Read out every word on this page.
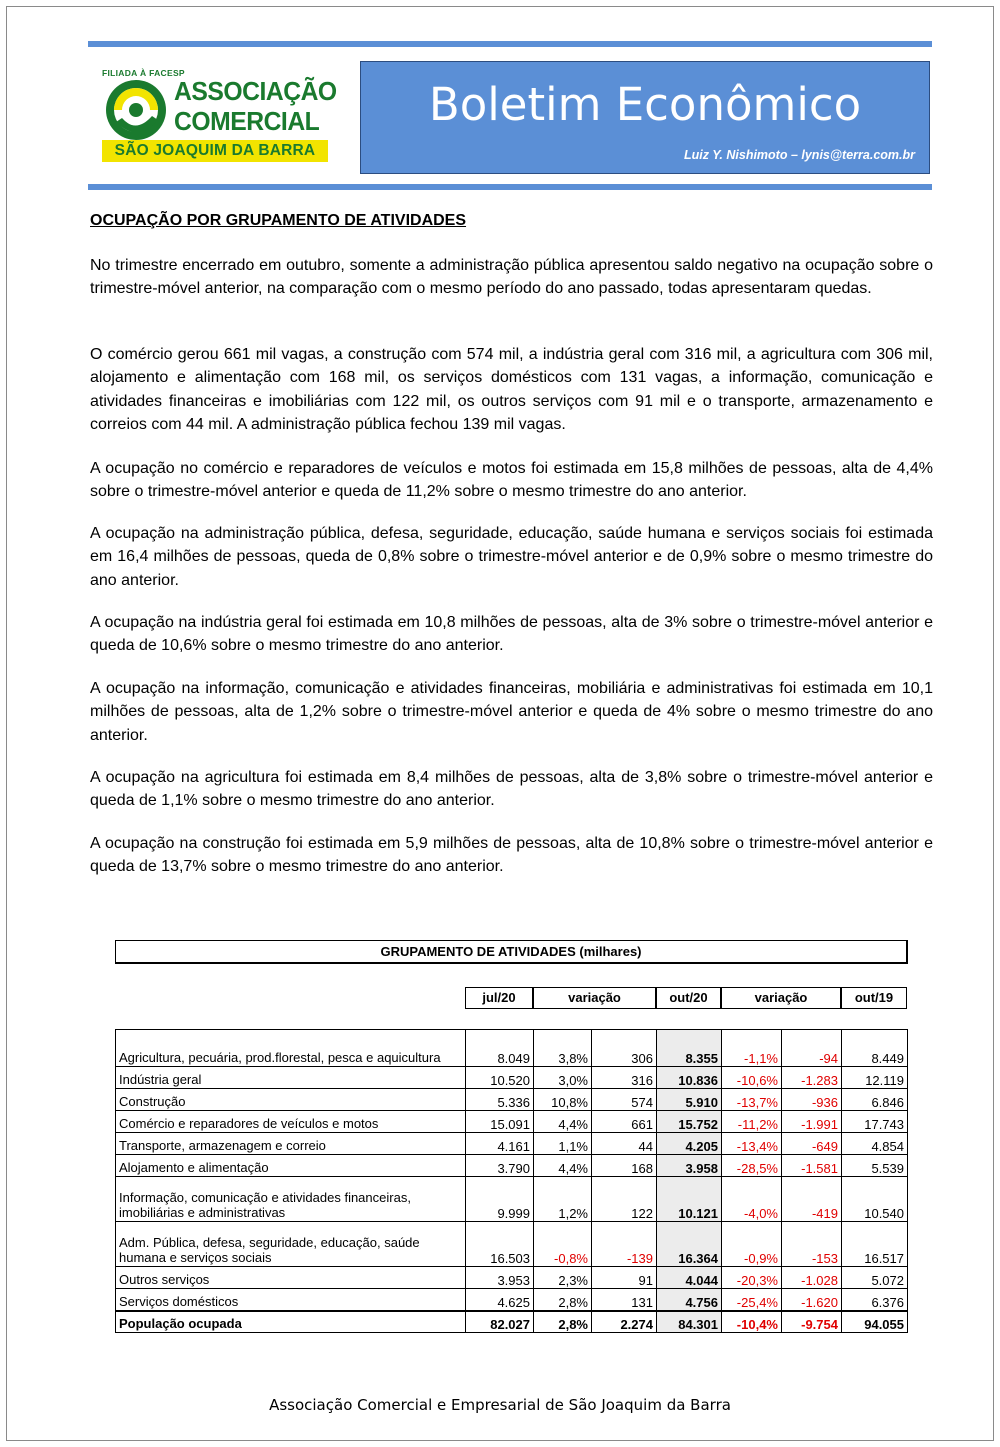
FILIADA À FACESP
ASSOCIAÇÃO
COMERCIAL
SÃO JOAQUIM DA BARRA
Boletim Econômico
Luiz Y. Nishimoto – lynis@terra.com.br
OCUPAÇÃO POR GRUPAMENTO DE ATIVIDADES

No trimestre encerrado em outubro, somente a administração pública apresentou saldo negativo na ocupação sobre o trimestre-móvel anterior, na comparação com o mesmo período do ano passado, todas apresentaram quedas.

O comércio gerou 661 mil vagas, a construção com 574 mil, a indústria geral com 316 mil, a agricultura com 306 mil, alojamento e alimentação com 168 mil, os serviços domésticos com 131 vagas, a informação, comunicação e atividades financeiras e imobiliárias com 122 mil, os outros serviços com 91 mil e o transporte, armazenamento e correios com 44 mil. A administração pública fechou 139 mil vagas.

A ocupação no comércio e reparadores de veículos e motos foi estimada em 15,8 milhões de pessoas, alta de 4,4% sobre o trimestre-móvel anterior e queda de 11,2% sobre o mesmo trimestre do ano anterior.

A ocupação na administração pública, defesa, seguridade, educação, saúde humana e serviços sociais foi estimada em 16,4 milhões de pessoas, queda de 0,8% sobre o trimestre-móvel anterior e de 0,9% sobre o mesmo trimestre do ano anterior.

A ocupação na indústria geral foi estimada em 10,8 milhões de pessoas, alta de 3% sobre o trimestre-móvel anterior e queda de 10,6% sobre o mesmo trimestre do ano anterior.

A ocupação na informação, comunicação e atividades financeiras, mobiliária e administrativas foi estimada em 10,1 milhões de pessoas, alta de 1,2% sobre o trimestre-móvel anterior e queda de 4% sobre o mesmo trimestre do ano anterior.

A ocupação na agricultura foi estimada em 8,4 milhões de pessoas, alta de 3,8% sobre o trimestre-móvel anterior e queda de 1,1% sobre o mesmo trimestre do ano anterior.

A ocupação na construção foi estimada em 5,9 milhões de pessoas, alta de 10,8% sobre o trimestre-móvel anterior e queda de 13,7% sobre o mesmo trimestre do ano anterior.

GRUPAMENTO DE ATIVIDADES (milhares)
jul/20	variação	out/20	variação	out/19
Agricultura, pecuária, prod.florestal, pesca e aquicultura	8.049	3,8%	306	8.355	-1,1%	-94	8.449
Indústria geral	10.520	3,0%	316	10.836	-10,6%	-1.283	12.119
Construção	5.336	10,8%	574	5.910	-13,7%	-936	6.846
Comércio e reparadores de veículos e motos	15.091	4,4%	661	15.752	-11,2%	-1.991	17.743
Transporte, armazenagem e correio	4.161	1,1%	44	4.205	-13,4%	-649	4.854
Alojamento e alimentação	3.790	4,4%	168	3.958	-28,5%	-1.581	5.539
Informação, comunicação e atividades financeiras, imobiliárias e administrativas	9.999	1,2%	122	10.121	-4,0%	-419	10.540
Adm. Pública, defesa, seguridade, educação, saúde humana e serviços sociais	16.503	-0,8%	-139	16.364	-0,9%	-153	16.517
Outros serviços	3.953	2,3%	91	4.044	-20,3%	-1.028	5.072
Serviços domésticos	4.625	2,8%	131	4.756	-25,4%	-1.620	6.376
População ocupada	82.027	2,8%	2.274	84.301	-10,4%	-9.754	94.055
Associação Comercial e Empresarial de São Joaquim da Barra
